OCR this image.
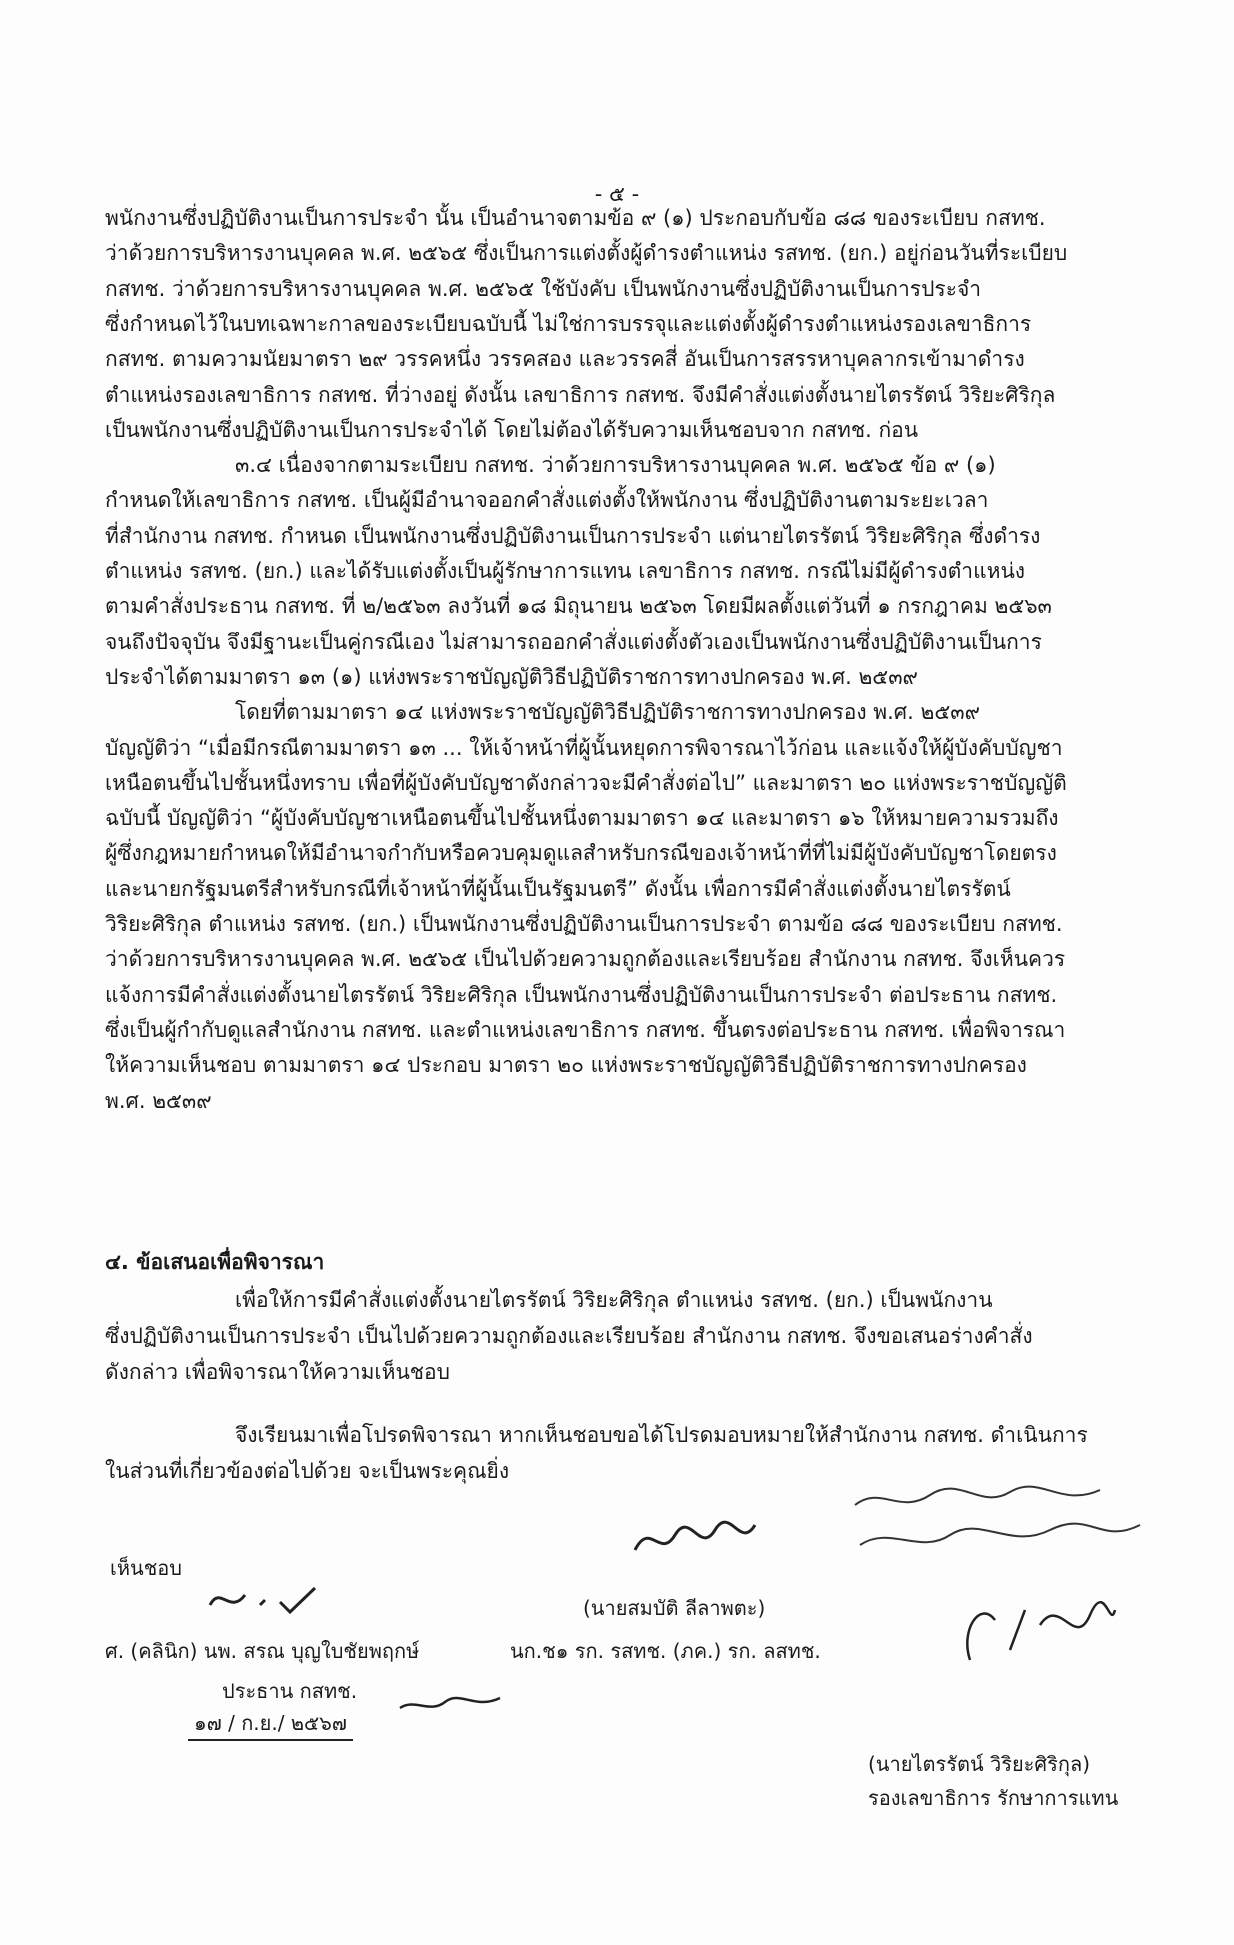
- ๕ -
พนักงานซึ่งปฏิบัติงานเป็นการประจำ นั้น เป็นอำนาจตามข้อ ๙ (๑) ประกอบกับข้อ ๘๘ ของระเบียบ กสทช.
ว่าด้วยการบริหารงานบุคคล พ.ศ. ๒๕๖๕ ซึ่งเป็นการแต่งตั้งผู้ดำรงตำแหน่ง รสทช. (ยก.) อยู่ก่อนวันที่ระเบียบ
กสทช. ว่าด้วยการบริหารงานบุคคล พ.ศ. ๒๕๖๕ ใช้บังคับ เป็นพนักงานซึ่งปฏิบัติงานเป็นการประจำ
ซึ่งกำหนดไว้ในบทเฉพาะกาลของระเบียบฉบับนี้ ไม่ใช่การบรรจุและแต่งตั้งผู้ดำรงตำแหน่งรองเลขาธิการ
กสทช. ตามความนัยมาตรา ๒๙ วรรคหนึ่ง วรรคสอง และวรรคสี่ อันเป็นการสรรหาบุคลากรเข้ามาดำรง
ตำแหน่งรองเลขาธิการ กสทช. ที่ว่างอยู่ ดังนั้น เลขาธิการ กสทช. จึงมีคำสั่งแต่งตั้งนายไตรรัตน์ วิริยะศิริกุล
เป็นพนักงานซึ่งปฏิบัติงานเป็นการประจำได้ โดยไม่ต้องได้รับความเห็นชอบจาก กสทช. ก่อน
๓.๔ เนื่องจากตามระเบียบ กสทช. ว่าด้วยการบริหารงานบุคคล พ.ศ. ๒๕๖๕ ข้อ ๙ (๑)
กำหนดให้เลขาธิการ กสทช. เป็นผู้มีอำนาจออกคำสั่งแต่งตั้งให้พนักงาน ซึ่งปฏิบัติงานตามระยะเวลา
ที่สำนักงาน กสทช. กำหนด เป็นพนักงานซึ่งปฏิบัติงานเป็นการประจำ แต่นายไตรรัตน์ วิริยะศิริกุล ซึ่งดำรง
ตำแหน่ง รสทช. (ยก.) และได้รับแต่งตั้งเป็นผู้รักษาการแทน เลขาธิการ กสทช. กรณีไม่มีผู้ดำรงตำแหน่ง
ตามคำสั่งประธาน กสทช. ที่ ๒/๒๕๖๓ ลงวันที่ ๑๘ มิถุนายน ๒๕๖๓ โดยมีผลตั้งแต่วันที่ ๑ กรกฎาคม ๒๕๖๓
จนถึงปัจจุบัน จึงมีฐานะเป็นคู่กรณีเอง ไม่สามารถออกคำสั่งแต่งตั้งตัวเองเป็นพนักงานซึ่งปฏิบัติงานเป็นการ
ประจำได้ตามมาตรา ๑๓ (๑) แห่งพระราชบัญญัติวิธีปฏิบัติราชการทางปกครอง พ.ศ. ๒๕๓๙
โดยที่ตามมาตรา ๑๔ แห่งพระราชบัญญัติวิธีปฏิบัติราชการทางปกครอง พ.ศ. ๒๕๓๙
บัญญัติว่า “เมื่อมีกรณีตามมาตรา ๑๓ ... ให้เจ้าหน้าที่ผู้นั้นหยุดการพิจารณาไว้ก่อน และแจ้งให้ผู้บังคับบัญชา
เหนือตนขึ้นไปชั้นหนึ่งทราบ เพื่อที่ผู้บังคับบัญชาดังกล่าวจะมีคำสั่งต่อไป” และมาตรา ๒๐ แห่งพระราชบัญญัติ
ฉบับนี้ บัญญัติว่า “ผู้บังคับบัญชาเหนือตนขึ้นไปชั้นหนึ่งตามมาตรา ๑๔ และมาตรา ๑๖ ให้หมายความรวมถึง
ผู้ซึ่งกฎหมายกำหนดให้มีอำนาจกำกับหรือควบคุมดูแลสำหรับกรณีของเจ้าหน้าที่ที่ไม่มีผู้บังคับบัญชาโดยตรง
และนายกรัฐมนตรีสำหรับกรณีที่เจ้าหน้าที่ผู้นั้นเป็นรัฐมนตรี” ดังนั้น เพื่อการมีคำสั่งแต่งตั้งนายไตรรัตน์
วิริยะศิริกุล ตำแหน่ง รสทช. (ยก.) เป็นพนักงานซึ่งปฏิบัติงานเป็นการประจำ ตามข้อ ๘๘ ของระเบียบ กสทช.
ว่าด้วยการบริหารงานบุคคล พ.ศ. ๒๕๖๕ เป็นไปด้วยความถูกต้องและเรียบร้อย สำนักงาน กสทช. จึงเห็นควร
แจ้งการมีคำสั่งแต่งตั้งนายไตรรัตน์ วิริยะศิริกุล เป็นพนักงานซึ่งปฏิบัติงานเป็นการประจำ ต่อประธาน กสทช.
ซึ่งเป็นผู้กำกับดูแลสำนักงาน กสทช. และตำแหน่งเลขาธิการ กสทช. ขึ้นตรงต่อประธาน กสทช. เพื่อพิจารณา
ให้ความเห็นชอบ ตามมาตรา ๑๔ ประกอบ มาตรา ๒๐ แห่งพระราชบัญญัติวิธีปฏิบัติราชการทางปกครอง
พ.ศ. ๒๕๓๙
๔. ข้อเสนอเพื่อพิจารณา
เพื่อให้การมีคำสั่งแต่งตั้งนายไตรรัตน์ วิริยะศิริกุล ตำแหน่ง รสทช. (ยก.) เป็นพนักงาน
ซึ่งปฏิบัติงานเป็นการประจำ เป็นไปด้วยความถูกต้องและเรียบร้อย สำนักงาน กสทช. จึงขอเสนอร่างคำสั่ง
ดังกล่าว เพื่อพิจารณาให้ความเห็นชอบ
จึงเรียนมาเพื่อโปรดพิจารณา หากเห็นชอบขอได้โปรดมอบหมายให้สำนักงาน กสทช. ดำเนินการ
ในส่วนที่เกี่ยวข้องต่อไปด้วย จะเป็นพระคุณยิ่ง
เห็นชอบ
ศ. (คลินิก) นพ. สรณ บุญใบชัยพฤกษ์
ประธาน กสทช.
๑๗ / ก.ย./ ๒๕๖๗
(นายสมบัติ ลีลาพตะ)
นก.ช๑ รก. รสทช. (ภค.) รก. ลสทช.
(นายไตรรัตน์ วิริยะศิริกุล)
รองเลขาธิการ รักษาการแทน
